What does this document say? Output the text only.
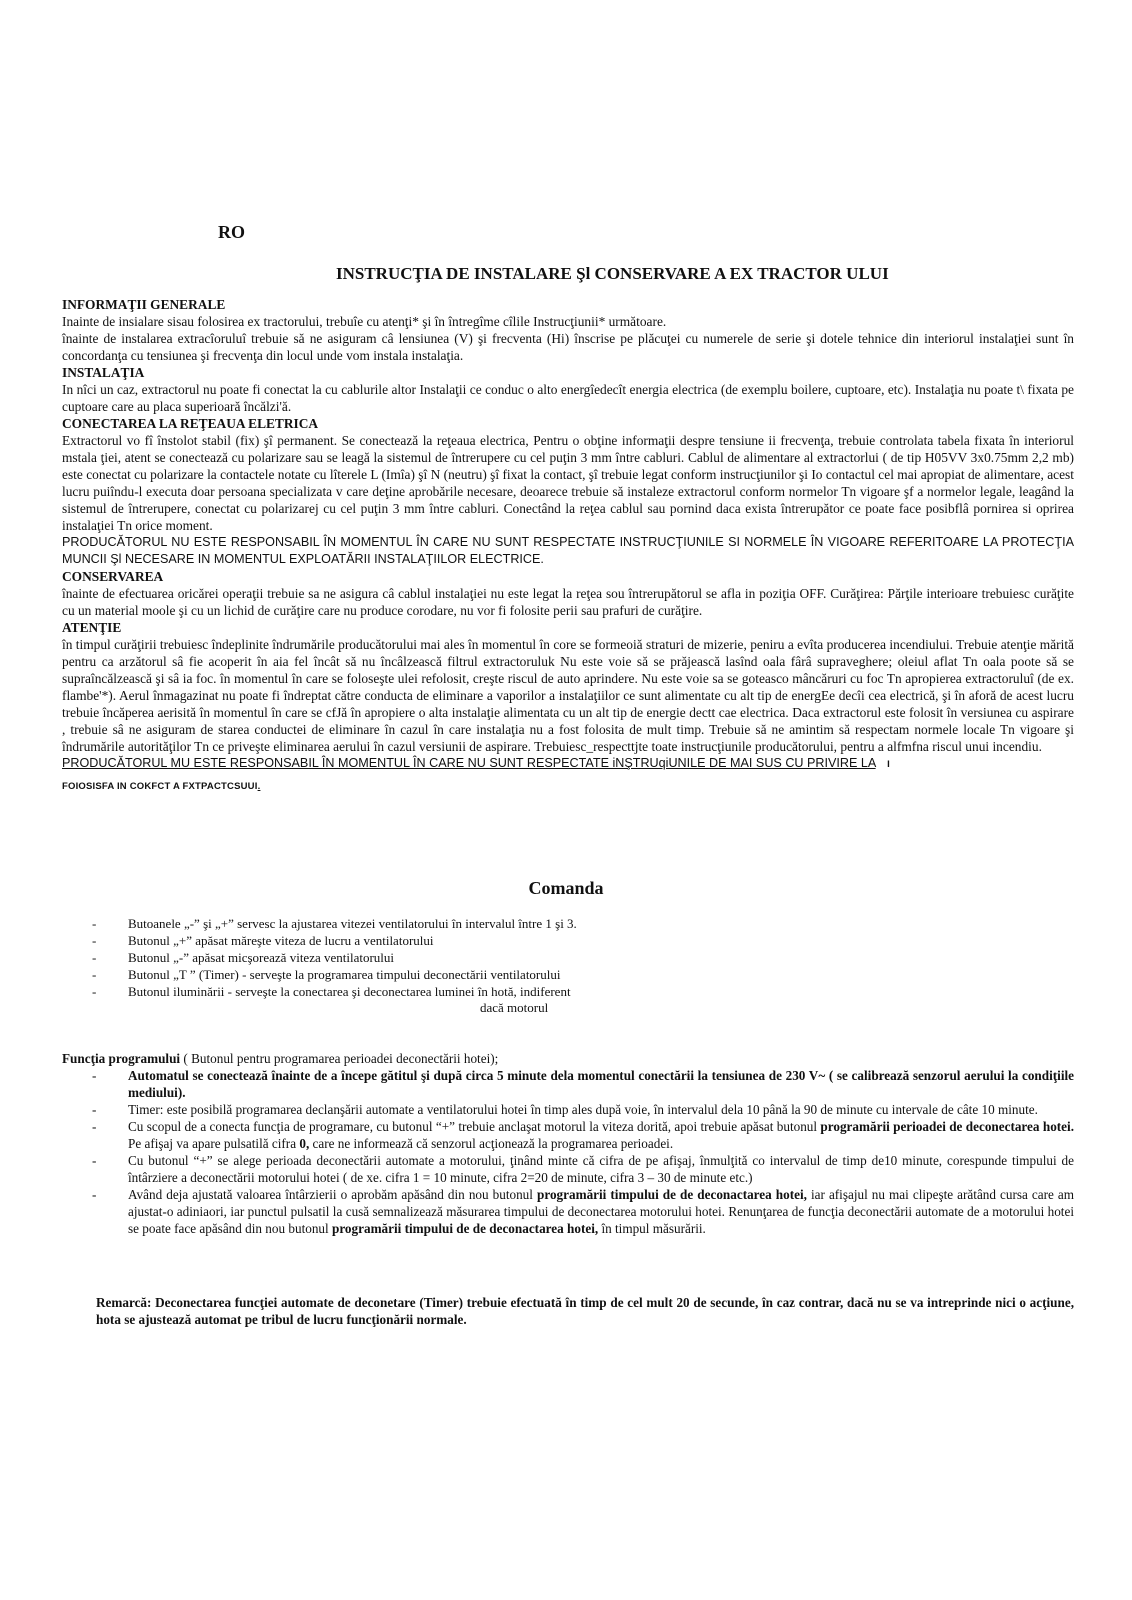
RO
INSTRUCŢIA DE INSTALARE Şl CONSERVARE A EX TRACTOR ULUI
INFORMAŢII GENERALE

Inainte de insialare sisau folosirea ex tractorului, trebuîe cu atenţi* şi în întregîme cîlile Instrucţiunii* următoare.

înainte de instalarea extracîoruluî trebuie să ne asiguram câ lensiunea (V) şi frecventa (Hi) înscrise pe plăcuţei cu numerele de serie şi dotele tehnice din interiorul instalaţiei sunt în concordanţa cu tensiunea şi frecvenţa din locul unde vom instala instalaţia.

INSTALAŢIA

In nîci un caz, extractorul nu poate fi conectat la cu cablurile altor Instalaţii ce conduc o alto energîedecît energia electrica (de exemplu boilere, cuptoare, etc). Instalaţia nu poate t\ fixata pe cuptoare care au placa superioară încălzi'ă.

CONECTAREA LA REŢEAUA ELETRICA

Extractorul vo fî înstolot stabil (fix) şî permanent. Se conectează la reţeaua electrica, Pentru o obţine informaţii despre tensiune ii frecvenţa, trebuie controlata tabela fixata în interiorul mstala ţiei, atent se conectează cu polarizare sau se leagă la sistemul de întrerupere cu cel puţin 3 mm între cabluri. Cablul de alimentare al extractorlui ( de tip H05VV 3x0.75mm 2,2 mb) este conectat cu polarizare la contactele notate cu lîterele L (Imîa) şî N (neutru) şî fixat la contact, şî trebuie legat conform instrucţiunilor şi Io contactul cel mai apropiat de alimentare, acest lucru puiîndu-l executa doar persoana specializata v care deţine aprobările necesare, deoarece trebuie să instaleze extractorul conform normelor Tn vigoare şf a normelor legale, leagând la sistemul de întrerupere, conectat cu polarizarej cu cel puţin 3 mm între cabluri. Conectând la reţea cablul sau pornind daca exista întrerupător ce poate face posibflâ pornirea si oprirea instalaţiei Tn orice moment.

PRODUCĂTORUL NU ESTE RESPONSABIL ÎN MOMENTUL ÎN CARE NU SUNT RESPECTATE INSTRUCŢIUNILE SI NORMELE ÎN VIGOARE REFERITOARE LA PROTECŢIA MUNCII Şl NECESARE IN MOMENTUL EXPLOATĂRII INSTALAŢIILOR ELECTRICE.

CONSERVAREA

înainte de efectuarea oricărei operaţii trebuie sa ne asigura câ cablul instalaţiei nu este legat la reţea sou întrerupătorul se afla in poziţia OFF. Curăţirea: Părţile interioare trebuiesc curăţite cu un material moole şi cu un lichid de curăţire care nu produce corodare, nu vor fi folosite perii sau prafuri de curăţire.

ATENŢIE

în timpul curăţirii trebuiesc îndeplinite îndrumările producătorului mai ales în momentul în core se formeoiă straturi de mizerie, peniru a evîta producerea incendiului. Trebuie atenţie mărită pentru ca arzătorul sâ fie acoperit în aia fel încât să nu încâlzească filtrul extractoruluk Nu este voie să se prăjească lasînd oala fârâ supraveghere; oleiul aflat Tn oala poote să se supraîncălzească şi sâ ia foc. în momentul în care se foloseşte ulei refolosit, creşte riscul de auto aprindere. Nu este voie sa se goteasco mâncăruri cu foc Tn apropierea extractoruluî (de ex. flambe'*). Aerul înmagazinat nu poate fi îndreptat către conducta de eliminare a vaporilor a instalaţiilor ce sunt alimentate cu alt tip de energEe decîi cea electrică, şi în aforă de acest lucru trebuie încăperea aerisită în momentul în care se cfJă în apropiere o alta instalaţie alimentata cu un alt tip de energie dectt cae electrica. Daca extractorul este folosit în versiunea cu aspirare , trebuie sâ ne asiguram de starea conductei de eliminare în cazul în care instalaţia nu a fost folosita de mult timp. Trebuie să ne amintim să respectam normele locale Tn vigoare şi îndrumările autorităţilor Tn ce priveşte eliminarea aerului în cazul versiunii de aspirare. Trebuiesc_respecttjte toate instrucţiunile producătorului, pentru a alfmfna riscul unui incendiu.

PRODUCĂTORUL MU ESTE RESPONSABIL ÎN MOMENTUL ÎN CARE NU SUNT RESPECTATE iNŞTRUqiUNILE DE MAI SUS CU PRIVIRE LA I

FOIOSISFA IN COKFCT A FXTPACTCSUUI.

Comanda
- Butoanele „-” şi „+” servesc la ajustarea vitezei ventilatorului în intervalul între 1 şi 3.
- Butonul „+” apăsat măreşte viteza de lucru a ventilatorului
- Butonul „-” apăsat micşorează viteza ventilatorului
- Butonul „T ” (Timer) - serveşte la programarea timpului deconectării ventilatorului
- Butonul iluminării - serveşte la conectarea şi deconectarea luminei în hotă, indiferent
dacă motorul
Funcţia programului ( Butonul pentru programarea perioadei deconectării hotei);
- Automatul se conectează înainte de a începe gătitul şi după circa 5 minute dela momentul conectării la tensiunea de 230 V~ ( se calibrează senzorul aerului la condiţiile mediului).
- Timer: este posibilă programarea declanşării automate a ventilatorului hotei în timp ales după voie, în intervalul dela 10 până la 90 de minute cu intervale de câte 10 minute.
- Cu scopul de a conecta funcţia de programare, cu butonul “+” trebuie anclaşat motorul la viteza dorită, apoi trebuie apăsat butonul programării perioadei de deconectarea hotei. Pe afişaj va apare pulsatilă cifra 0, care ne informează că senzorul acţionează la programarea perioadei.
- Cu butonul “+” se alege perioada deconectării automate a motorului, ţinând minte că cifra de pe afişaj, înmulţită co intervalul de timp de10 minute, corespunde timpului de întârziere a deconectării motorului hotei ( de xe. cifra 1 = 10 minute, cifra 2=20 de minute, cifra 3 – 30 de minute etc.)
- Având deja ajustată valoarea întârzierii o aprobăm apăsând din nou butonul programării timpului de de deconactarea hotei, iar afişajul nu mai clipeşte arătând cursa care am ajustat-o adiniaori, iar punctul pulsatil la cusă semnalizează măsurarea timpului de deconectarea motorului hotei. Renunţarea de funcţia deconectării automate de a motorului hotei se poate face apăsând din nou butonul programării timpului de de deconactarea hotei, în timpul măsurării.
Remarcă: Deconectarea funcţiei automate de deconetare (Timer) trebuie efectuată în timp de cel mult 20 de secunde, în caz contrar, dacă nu se va intreprinde nici o acţiune, hota se ajustează automat pe tribul de lucru funcţionării normale.
